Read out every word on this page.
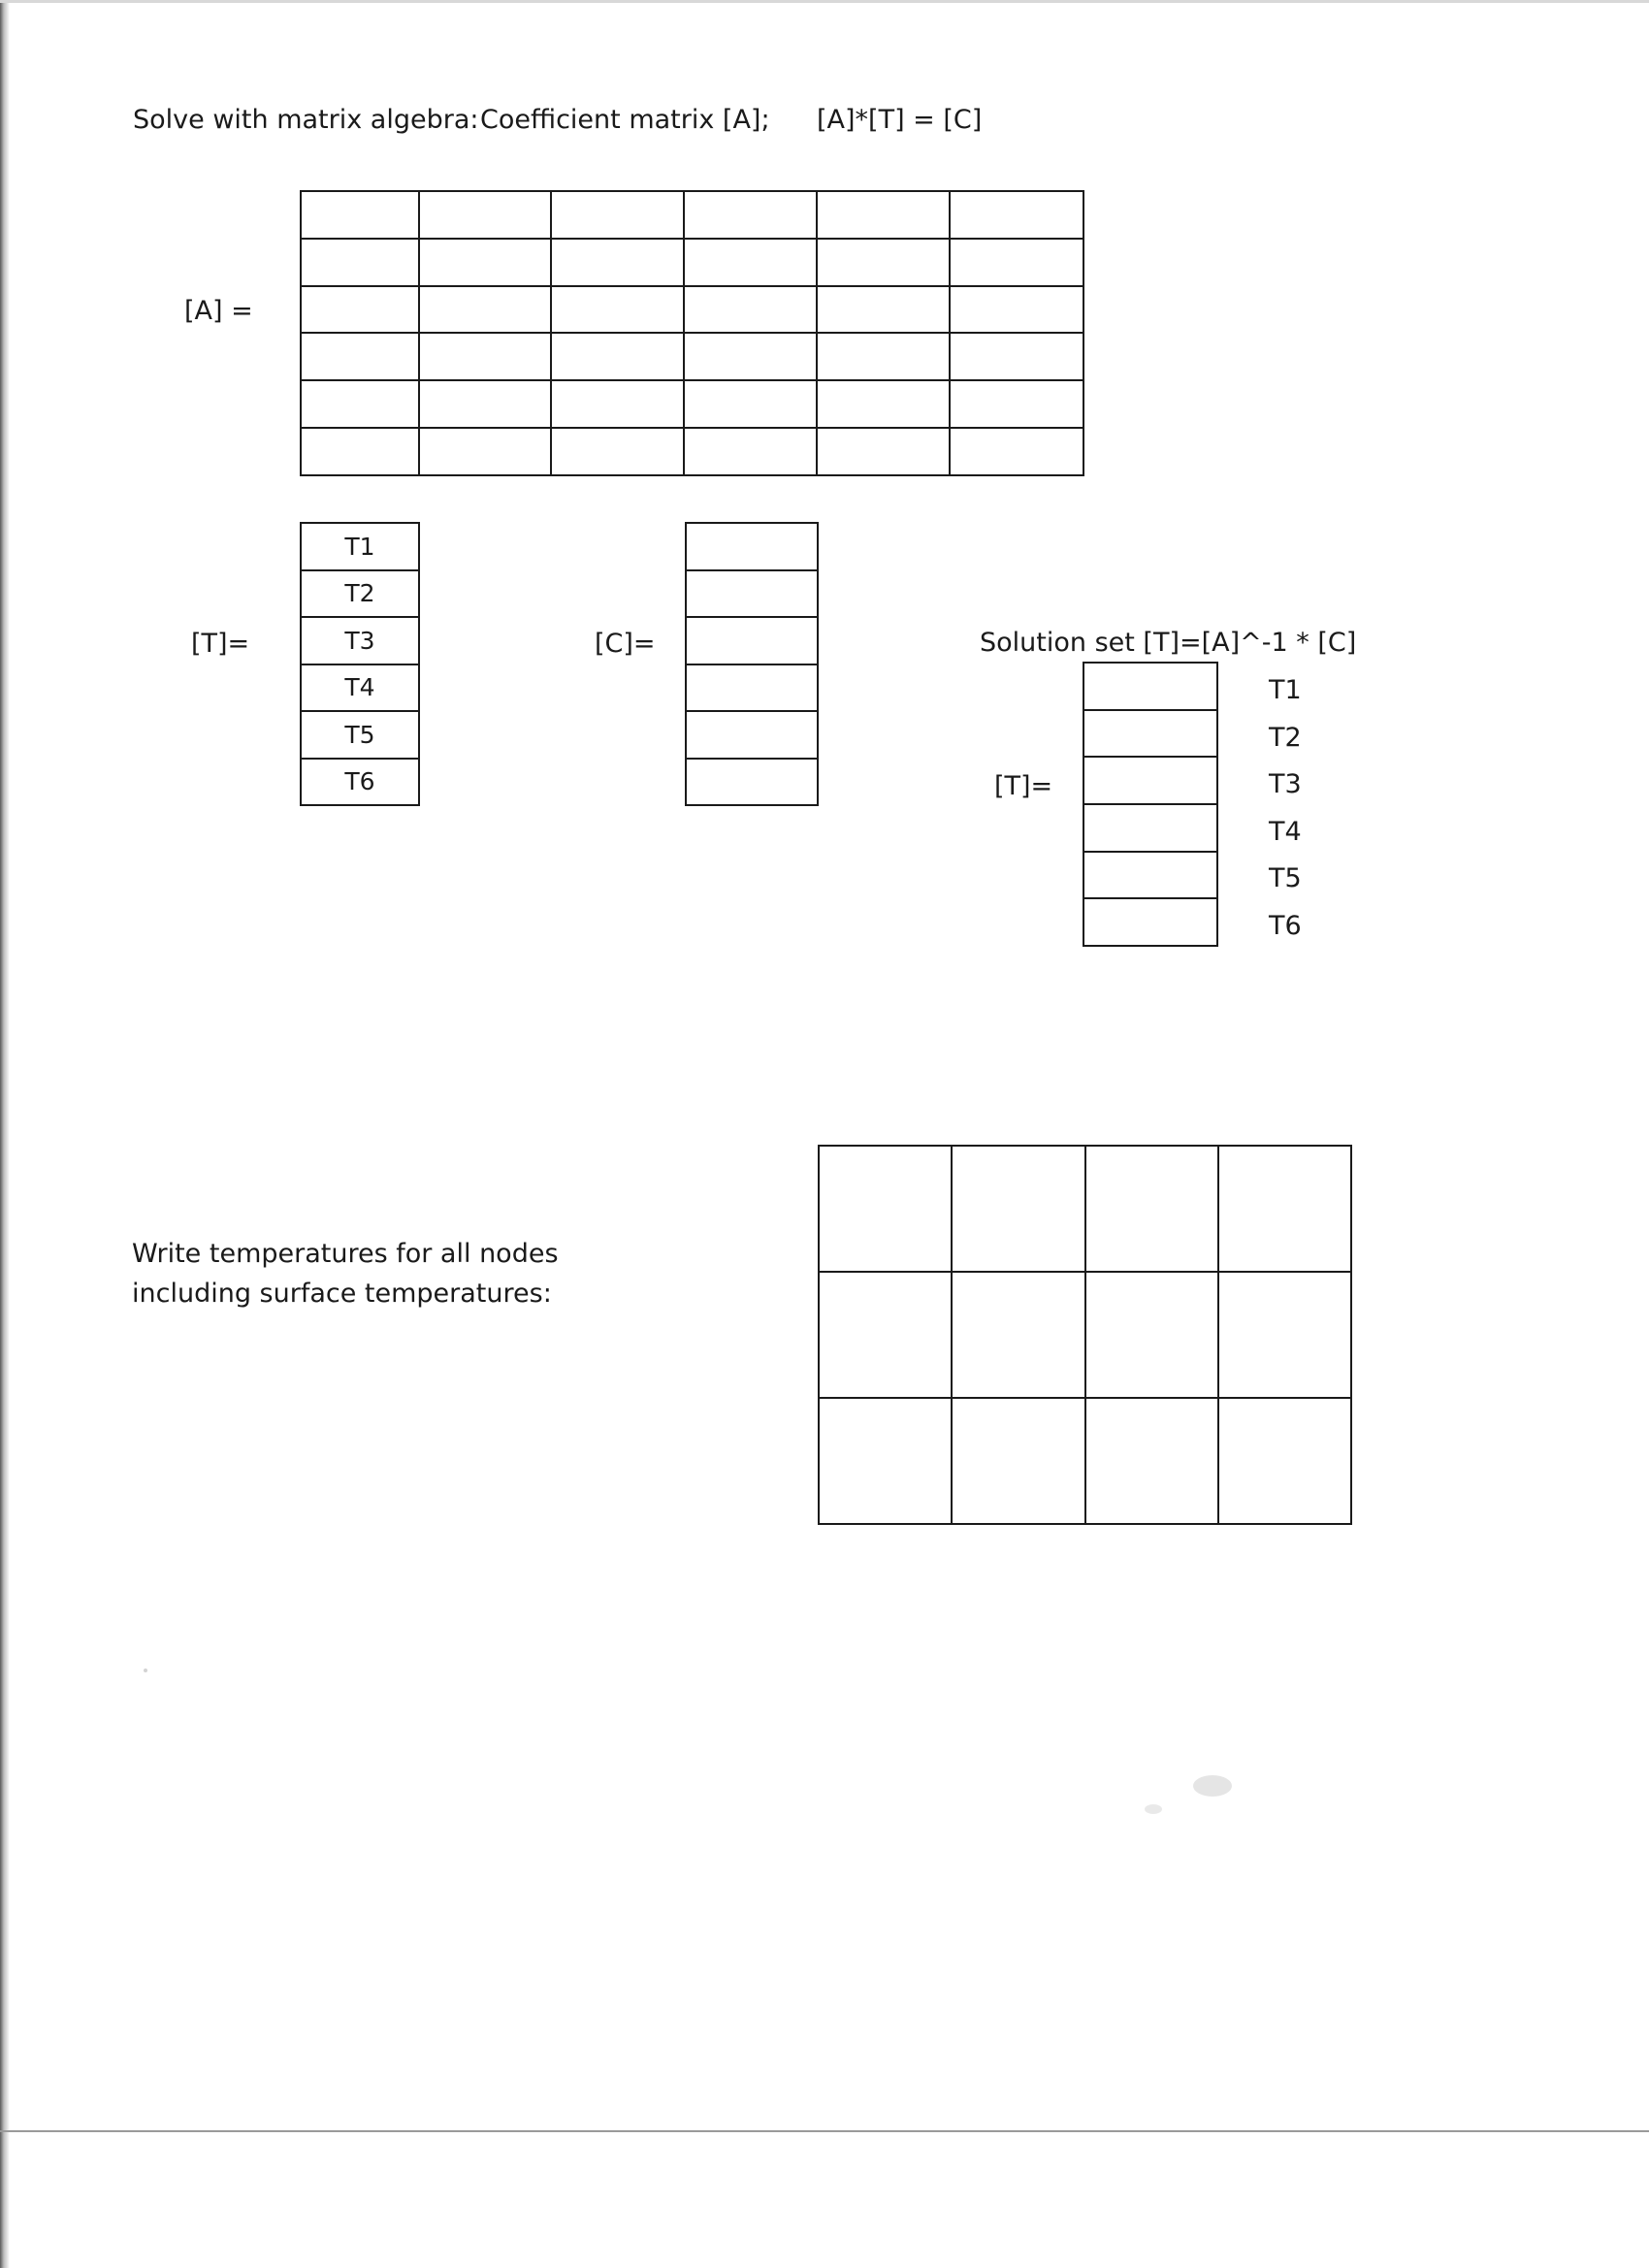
Solve with matrix algebra: Coefficient matrix [A]; [A]*[T] = [C]
[A] =

[T]=
T1
T2
T3
T4
T5
T6
[C]=	Solution set [T]=[A]^-1 * [C]
[T]=

T1
T2
T3
T4
T5
T6
Write temperatures for all nodes
including surface temperatures:
